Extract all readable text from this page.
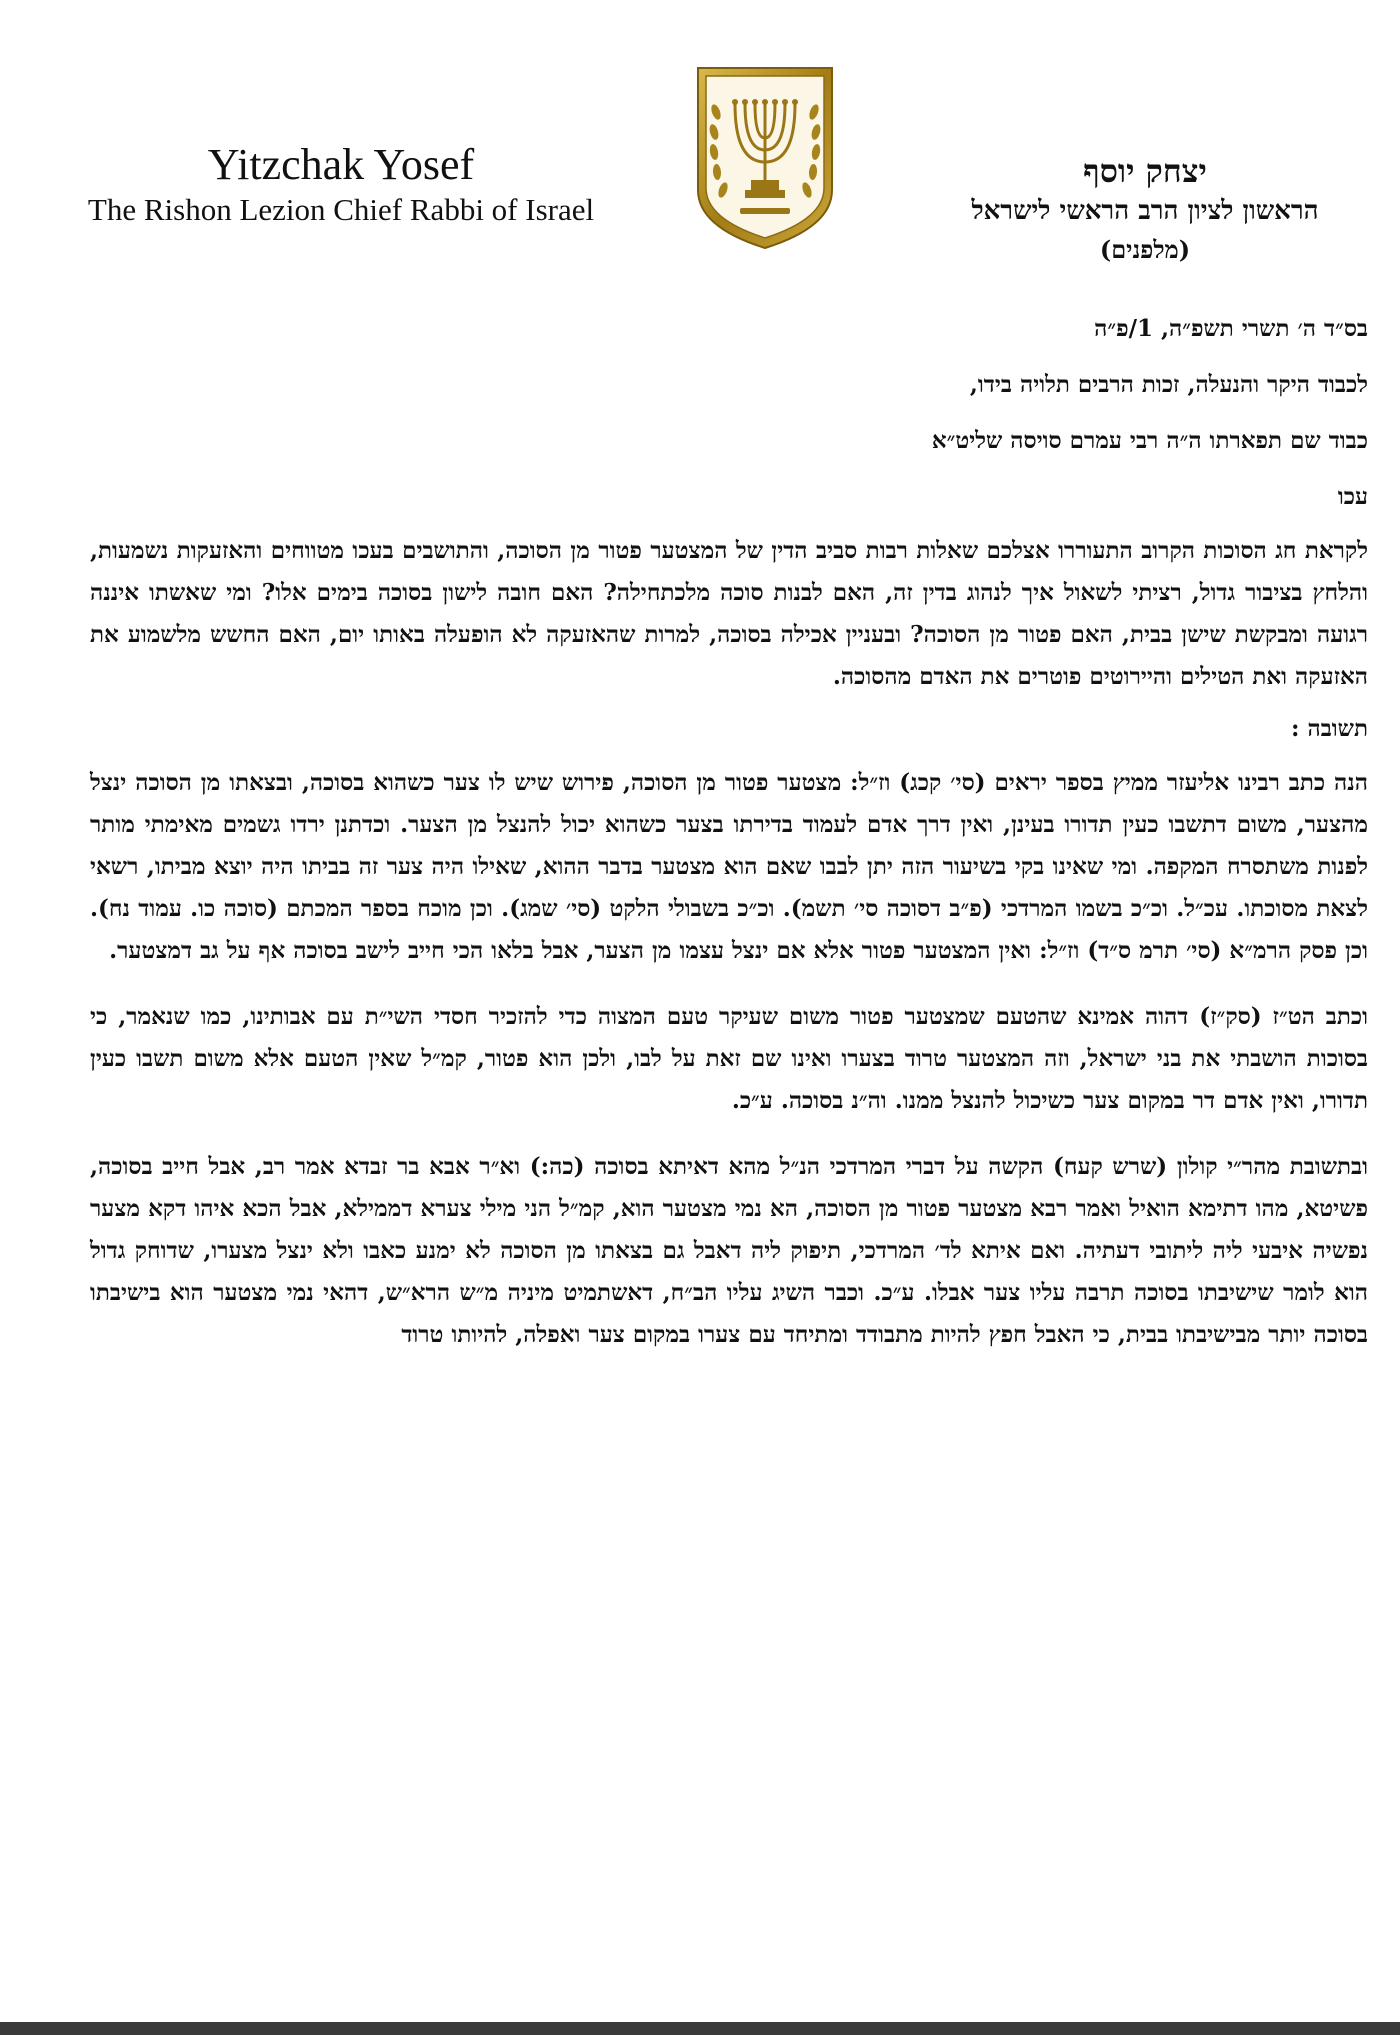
Yitzchak Yosef
The Rishon Lezion Chief Rabbi of Israel
יצחק יוסף
הראשון לציון הרב הראשי לישראל
(מלפנים)

בס״ד ה׳ תשרי תשפ״ה, 1/פ״ה

לכבוד היקר והנעלה, זכות הרבים תלויה בידו,

כבוד שם תפארתו ה״ה רבי עמרם סויסה שליט״א

עכו

לקראת חג הסוכות הקרוב התעוררו אצלכם שאלות רבות סביב הדין של המצטער פטור מן הסוכה, והתושבים בעכו מטווחים והאזעקות נשמעות, והלחץ בציבור גדול, רציתי לשאול איך לנהוג בדין זה, האם לבנות סוכה מלכתחילה? האם חובה לישון בסוכה בימים אלו? ומי שאשתו איננה רגועה ומבקשת שישן בבית, האם פטור מן הסוכה? ובעניין אכילה בסוכה, למרות שהאזעקה לא הופעלה באותו יום, האם החשש מלשמוע את האזעקה ואת הטילים והיירוטים פוטרים את האדם מהסוכה.

תשובה :

הנה כתב רבינו אליעזר ממיץ בספר יראים (סי׳ קכג) וז״ל: מצטער פטור מן הסוכה, פירוש שיש לו צער כשהוא בסוכה, ובצאתו מן הסוכה ינצל מהצער, משום דתשבו כעין תדורו בעינן, ואין דרך אדם לעמוד בדירתו בצער כשהוא יכול להנצל מן הצער. וכדתנן ירדו גשמים מאימתי מותר לפנות משתסרח המקפה. ומי שאינו בקי בשיעור הזה יתן לבבו שאם הוא מצטער בדבר ההוא, שאילו היה צער זה בביתו היה יוצא מביתו, רשאי לצאת מסוכתו. עכ״ל. וכ״כ בשמו המרדכי (פ״ב דסוכה סי׳ תשמ). וכ״כ בשבולי הלקט (סי׳ שמג). וכן מוכח בספר המכתם (סוכה כו. עמוד נח). וכן פסק הרמ״א (סי׳ תרמ ס״ד) וז״ל: ואין המצטער פטור אלא אם ינצל עצמו מן הצער, אבל בלאו הכי חייב לישב בסוכה אף על גב דמצטער.

וכתב הט״ז (סק״ז) דהוה אמינא שהטעם שמצטער פטור משום שעיקר טעם המצוה כדי להזכיר חסדי השי״ת עם אבותינו, כמו שנאמר, כי בסוכות הושבתי את בני ישראל, וזה המצטער טרוד בצערו ואינו שם זאת על לבו, ולכן הוא פטור, קמ״ל שאין הטעם אלא משום תשבו כעין תדורו, ואין אדם דר במקום צער כשיכול להנצל ממנו. וה״נ בסוכה. ע״כ.

ובתשובת מהר״י קולון (שרש קעח) הקשה על דברי המרדכי הנ״ל מהא דאיתא בסוכה (כה:) וא״ר אבא בר זבדא אמר רב, אבל חייב בסוכה, פשיטא, מהו דתימא הואיל ואמר רבא מצטער פטור מן הסוכה, הא נמי מצטער הוא, קמ״ל הני מילי צערא דממילא, אבל הכא איהו דקא מצער נפשיה איבעי ליה ליתובי דעתיה. ואם איתא לד׳ המרדכי, תיפוק ליה דאבל גם בצאתו מן הסוכה לא ימנע כאבו ולא ינצל מצערו, שדוחק גדול הוא לומר שישיבתו בסוכה תרבה עליו צער אבלו. ע״כ. וכבר השיג עליו הב״ח, דאשתמיט מיניה מ״ש הרא״ש, דהאי נמי מצטער הוא בישיבתו בסוכה יותר מבישיבתו בבית, כי האבל חפץ להיות מתבודד ומתיחד עם צערו במקום צער ואפלה, להיותו טרוד
